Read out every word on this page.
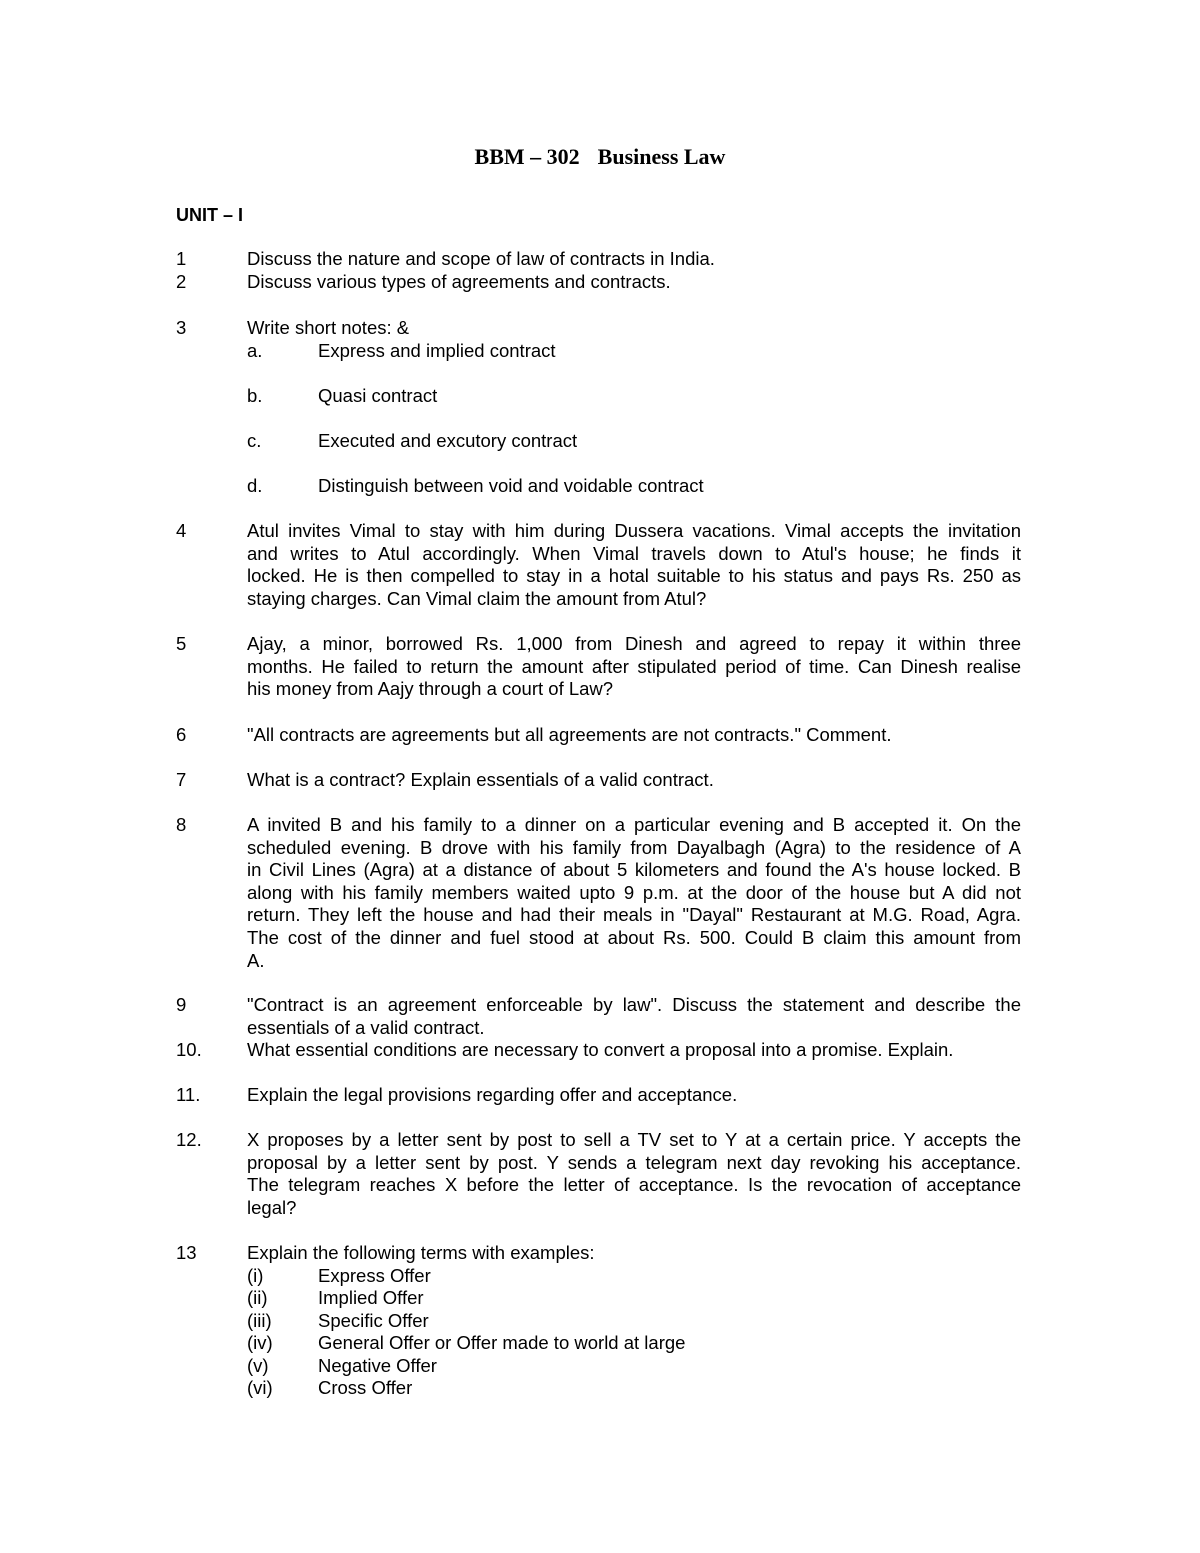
BBM – 302 Business Law
UNIT – I
1	Discuss the nature and scope of law of contracts in India.
2	Discuss various types of agreements and contracts.
3	Write short notes: &
a.	Express and implied contract
b.	Quasi contract
c.	Executed and excutory contract
d.	Distinguish between void and voidable contract
4	Atul invites Vimal to stay with him during Dussera vacations. Vimal accepts the invitation
and writes to Atul accordingly. When Vimal travels down to Atul's house; he finds it
locked. He is then compelled to stay in a hotal suitable to his status and pays Rs. 250 as
staying charges. Can Vimal claim the amount from Atul?
5	Ajay, a minor, borrowed Rs. 1,000 from Dinesh and agreed to repay it within three
months. He failed to return the amount after stipulated period of time. Can Dinesh realise
his money from Aajy through a court of Law?
6	"All contracts are agreements but all agreements are not contracts." Comment.
7	What is a contract? Explain essentials of a valid contract.
8	A invited B and his family to a dinner on a particular evening and B accepted it. On the
scheduled evening. B drove with his family from Dayalbagh (Agra) to the residence of A
in Civil Lines (Agra) at a distance of about 5 kilometers and found the A's house locked. B
along with his family members waited upto 9 p.m. at the door of the house but A did not
return. They left the house and had their meals in "Dayal" Restaurant at M.G. Road, Agra.
The cost of the dinner and fuel stood at about Rs. 500. Could B claim this amount from
A.
9	"Contract is an agreement enforceable by law". Discuss the statement and describe the
essentials of a valid contract.
10. What essential conditions are necessary to convert a proposal into a promise. Explain.
11.	Explain the legal provisions regarding offer and acceptance.
12. X proposes by a letter sent by post to sell a TV set to Y at a certain price. Y accepts the
proposal by a letter sent by post. Y sends a telegram next day revoking his acceptance.
The telegram reaches X before the letter of acceptance. Is the revocation of acceptance
legal?
13	Explain the following terms with examples:
(i)	Express Offer
(ii)	Implied Offer
(iii)	Specific Offer
(iv) General Offer or Offer made to world at large
(v)	Negative Offer
(vi) Cross Offer
